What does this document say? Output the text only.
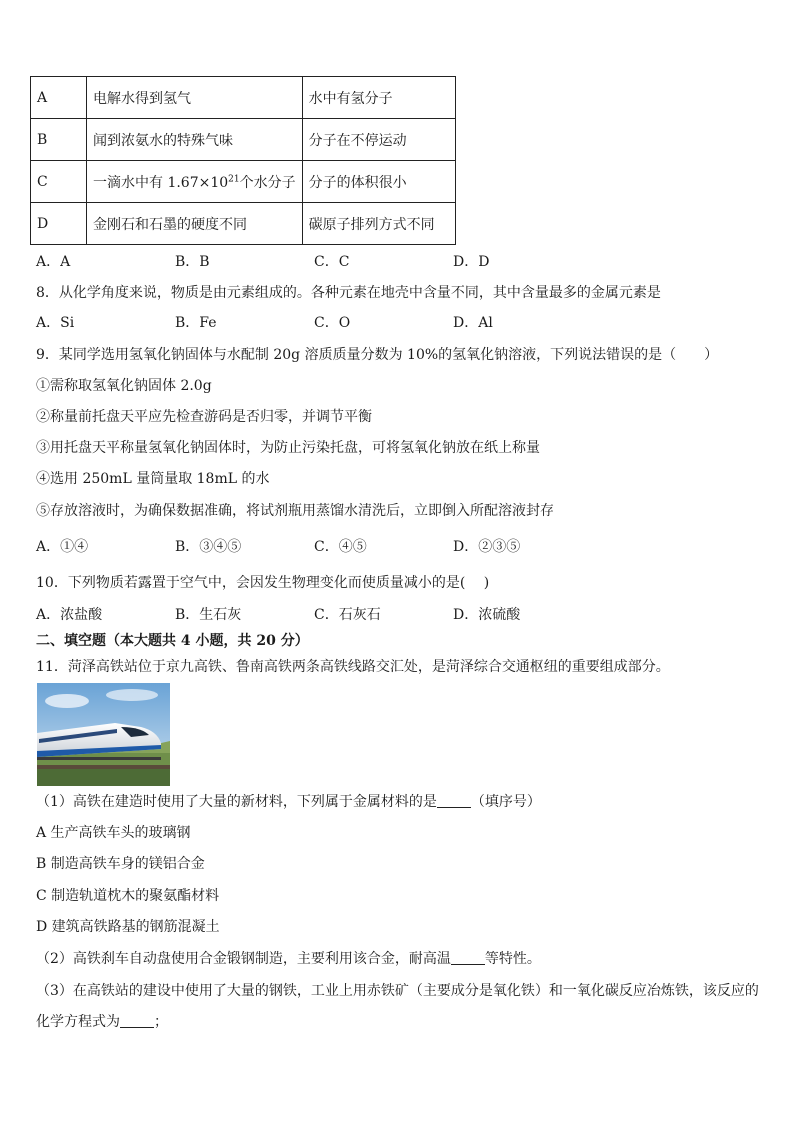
A	电解水得到氢气	水中有氢分子
B	闻到浓氨水的特殊气味	分子在不停运动
C	一滴水中有 $1.67\times 10^{21}$个水分子	分子的体积很小
D	金刚石和石墨的硬度不同	碳原子排列方式不同
A．A	B．B	C．C	D．D
8．从化学角度来说，物质是由元素组成的。各种元素在地壳中含量不同，其中含量最多的金属元素是
A．Si	B．Fe	C．O	D．Al
9．某同学选用氢氧化钠固体与水配制 20g 溶质质量分数为 10%的氢氧化钠溶液，下列说法错误的是（　　）
①需称取氢氧化钠固体 2.0g
②称量前托盘天平应先检查游码是否归零，并调节平衡
③用托盘天平称量氢氧化钠固体时，为防止污染托盘，可将氢氧化钠放在纸上称量
④选用 250mL 量筒量取 18mL 的水
⑤存放溶液时，为确保数据准确，将试剂瓶用蒸馏水清洗后，立即倒入所配溶液封存
A．①④	B．③④⑤	C．④⑤	D．②③⑤
10．下列物质若露置于空气中，会因发生物理变化而使质量减小的是(　 )
A．浓盐酸	B．生石灰	C．石灰石	D．浓硫酸
二、填空题（本大题共 4 小题，共 20 分）
11．菏泽高铁站位于京九高铁、鲁南高铁两条高铁线路交汇处，是菏泽综合交通枢纽的重要组成部分。
（1）高铁在建造时使用了大量的新材料，下列属于金属材料的是 （填序号）
A 生产高铁车头的玻璃钢
B 制造高铁车身的镁铝合金
C 制造轨道枕木的聚氨酯材料
D 建筑高铁路基的钢筋混凝土
（2）高铁刹车自动盘使用合金锻钢制造，主要利用该合金，耐高温 等特性。
（3）在高铁站的建设中使用了大量的钢铁，工业上用赤铁矿（主要成分是氧化铁）和一氧化碳反应冶炼铁，该反应的
化学方程式为 ；
